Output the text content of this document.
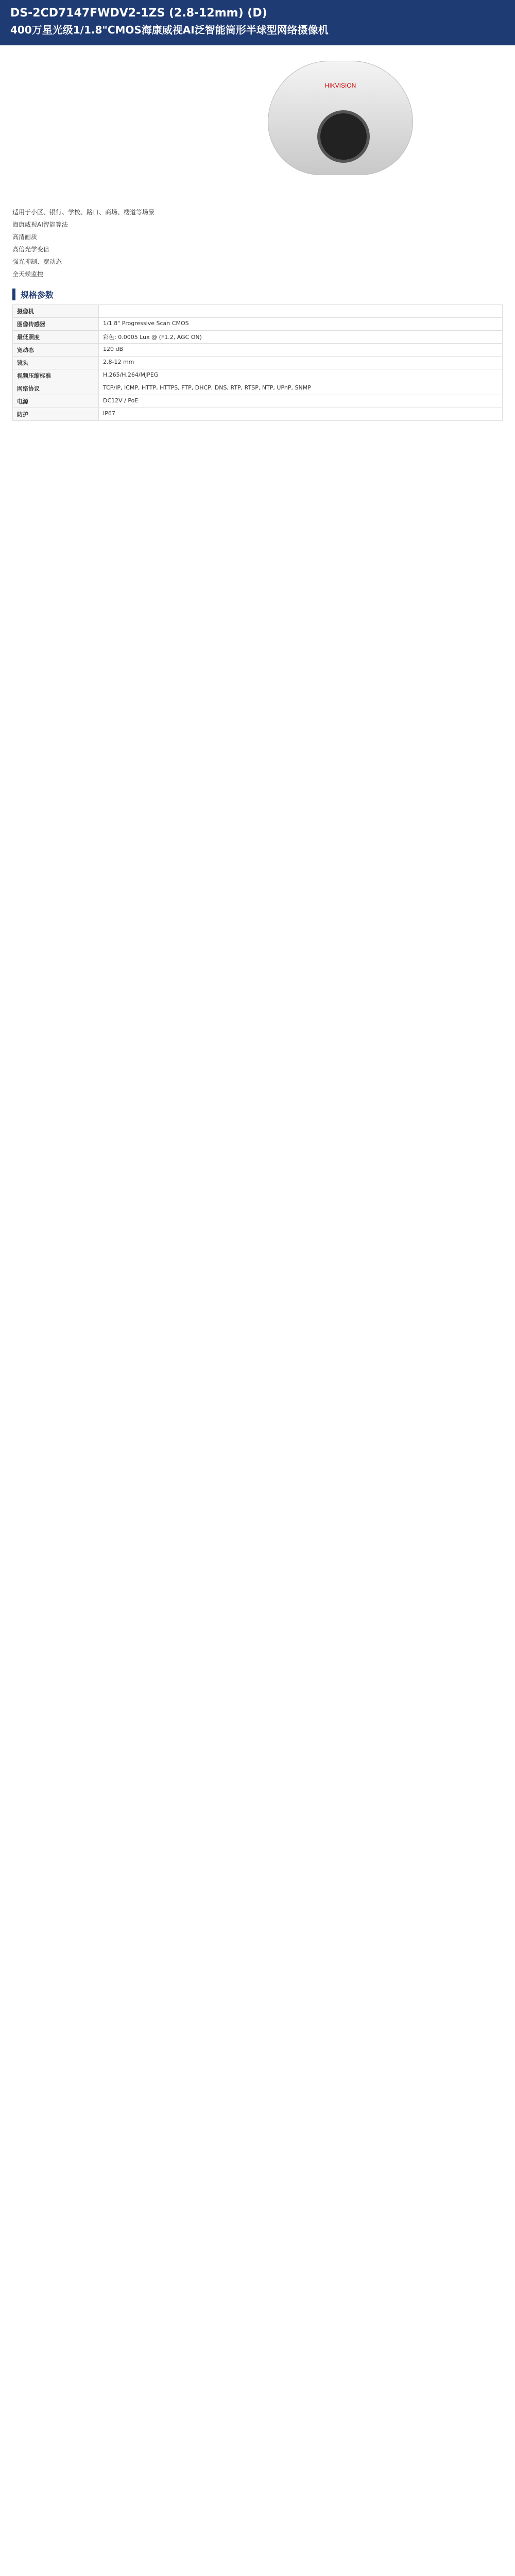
DS-2CD7147FWDV2-1ZS (2.8-12mm) (D)
400万星光级1/1.8"CMOS海康威视AI泛智能筒形半球型网络摄像机
HIKVISION

适用于小区、银行、学校、路口、商场、楼道等场景

海康威视AI智能算法

高清画质

高倍光学变倍

强光抑制、宽动态

全天候监控

规格参数
摄像机	
图像传感器	1/1.8" Progressive Scan CMOS
最低照度	彩色: 0.0005 Lux @ (F1.2, AGC ON)
宽动态	120 dB
镜头	2.8-12 mm
视频压缩标准	H.265/H.264/MJPEG
网络协议	TCP/IP, ICMP, HTTP, HTTPS, FTP, DHCP, DNS, RTP, RTSP, NTP, UPnP, SNMP
电源	DC12V / PoE
防护	IP67
